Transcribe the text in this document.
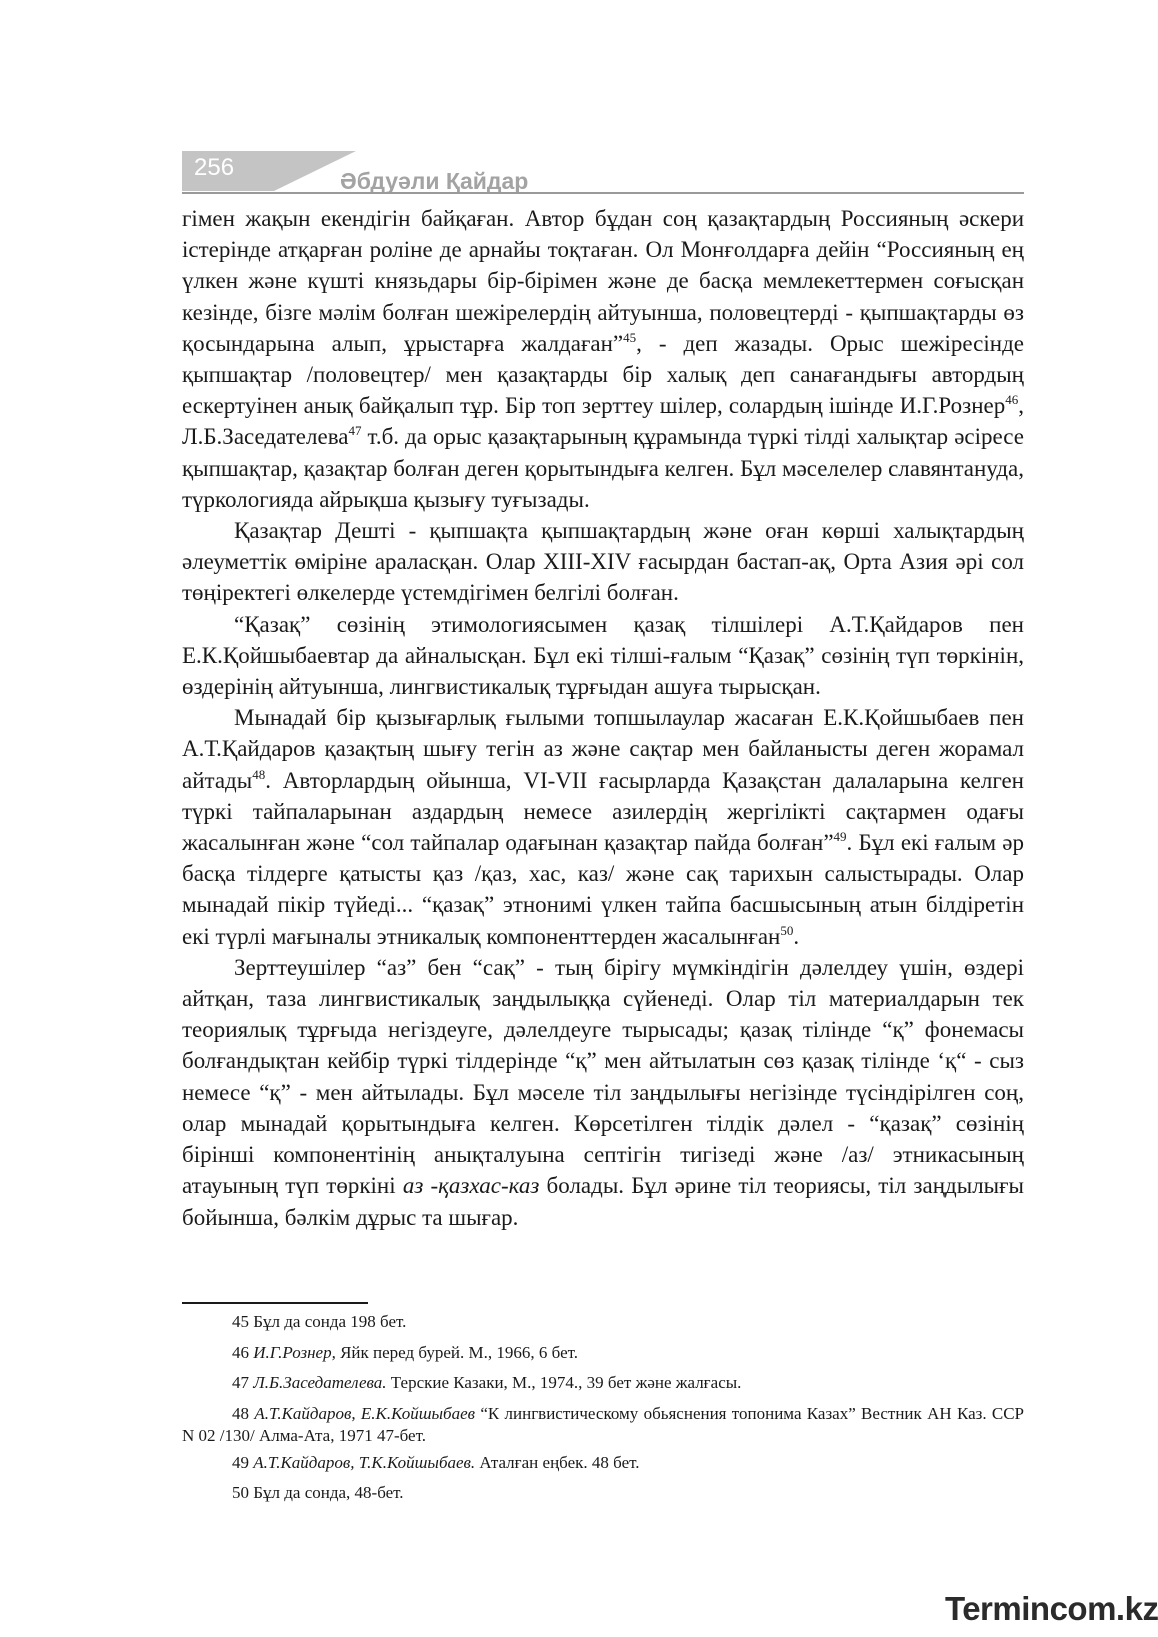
256	Әбдуәли Қайдар

гімен жақын екендігін байқаған. Автор бұдан соң қазақтардың Россияның әскери істерінде атқарған роліне де арнайы тоқтаған. Ол Монғолдарға дейін “Россияның ең үлкен және күшті князьдары бір-бірімен және де басқа мемлекеттермен соғысқан кезінде, бізге мәлім болған шежірелердің айтуынша, половецтерді - қыпшақтарды өз қосындарына алып, ұрыстарға жалдаған”$^{45}$, - деп жазады. Орыс шежіресінде қыпшақтар /половецтер/ мен қазақтарды бір халық деп санағандығы автордың ескертуінен анық байқалып тұр. Бір топ зерттеу шілер, солардың ішінде И.Г.Рознер$^{46}$, Л.Б.Заседателева$^{47}$ т.б. да орыс қазақтарының құрамында түркі тілді халықтар әсіресе қыпшақтар, қазақтар болған деген қорытындыға келген. Бұл мәселелер славянтануда, түркологияда айрықша қызығу туғызады.

Қазақтар Дешті - қыпшақта қыпшақтардың және оған көрші халықтардың әлеуметтік өміріне араласқан. Олар XIII-XIV ғасырдан бастап-ақ, Орта Азия әрі сол төңіректегі өлкелерде үстемдігімен белгілі болған.

“Қазақ” сөзінің этимологиясымен қазақ тілшілері А.Т.Қайдаров пен Е.К.Қойшыбаевтар да айналысқан. Бұл екі тілші-ғалым “Қазақ” сөзінің түп төркінін, өздерінің айтуынша, лингвистикалық тұрғыдан ашуға тырысқан.

Мынадай бір қызығарлық ғылыми топшылаулар жасаған Е.К.Қойшыбаев пен А.Т.Қайдаров қазақтың шығу тегін аз және сақтар мен байланысты деген жорамал айтады$^{48}$. Авторлардың ойынша, VI-VII ғасырларда Қазақстан далаларына келген түркі тайпаларынан аздардың немесе азилердің жергілікті сақтармен одағы жасалынған және “сол тайпалар одағынан қазақтар пайда болған”$^{49}$. Бұл екі ғалым әр басқа тілдерге қатысты қаз /қаз, хас, каз/ және сақ тарихын салыстырады. Олар мынадай пікір түйеді... “қазақ” этнонимі үлкен тайпа басшысының атын білдіретін екі түрлі мағыналы этникалық компоненттерден жасалынған$^{50}$.

Зерттеушілер “аз” бен “сақ” - тың бірігу мүмкіндігін дәлелдеу үшін, өздері айтқан, таза лингвистикалық заңдылыққа сүйенеді. Олар тіл материалдарын тек теориялық тұрғыда негіздеуге, дәлелдеуге тырысады; қазақ тілінде “қ” фонемасы болғандықтан кейбір түркі тілдерінде “қ” мен айтылатын сөз қазақ тілінде ‘қ“ - сыз немесе “қ” - мен айтылады. Бұл мәселе тіл заңдылығы негізінде түсіндірілген соң, олар мынадай қорытындыға келген. Көрсетілген тілдік дәлел - “қазақ” сөзінің бірінші компонентінің анықталуына септігін тигізеді және /аз/ этникасының атауының түп төркіні аз -қазхас-каз болады. Бұл әрине тіл теориясы, тіл заңдылығы бойынша, бәлкім дұрыс та шығар.

45 Бұл да сонда 198 бет.

46 И.Г.Рознер, Яйк перед бурей. М., 1966, 6 бет.

47 Л.Б.Заседателева. Терские Казаки, М., 1974., 39 бет және жалғасы.

48 А.Т.Кайдаров, Е.К.Койшыбаев “К лингвистическому обьяснения топонима Казах” Вестник АН Каз. ССР N 02 /130/ Алма-Ата, 1971 47-бет.

49 А.Т.Кайдаров, Т.К.Койшыбаев. Аталған еңбек. 48 бет.

50 Бұл да сонда, 48-бет.

Termincom.kz
